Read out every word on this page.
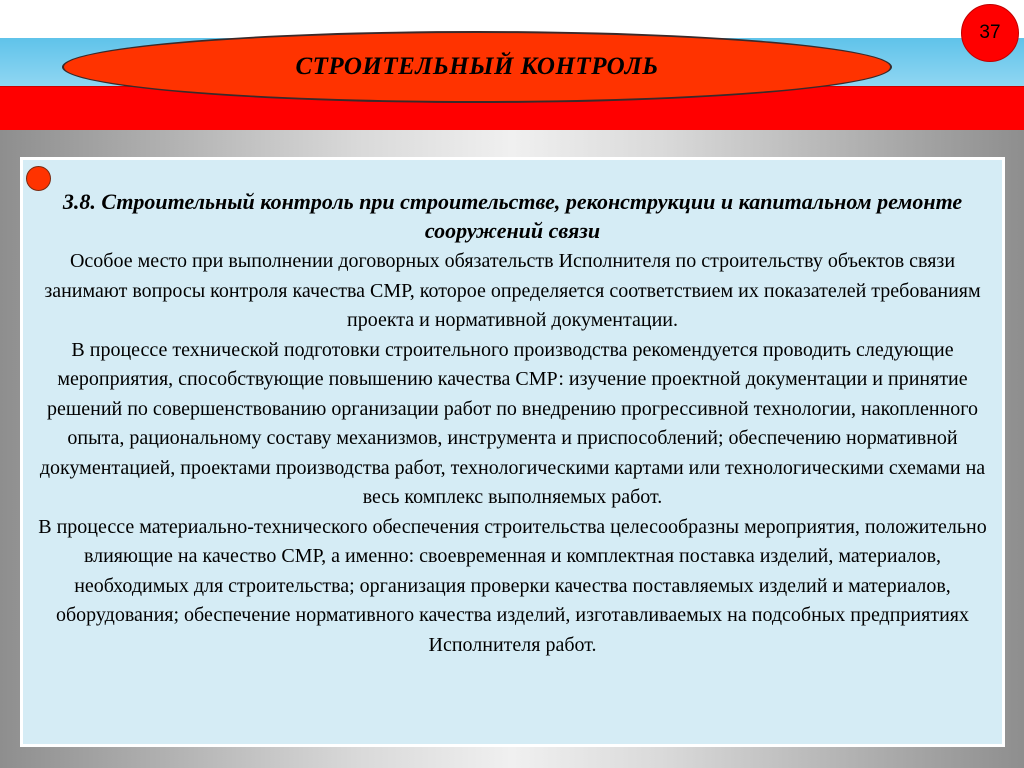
СТРОИТЕЛЬНЫЙ КОНТРОЛЬ
37

3.8. Строительный контроль при строительстве, реконструкции и капитальном ремонте сооружений связи

Особое место при выполнении договорных обязательств Исполнителя по строительству объектов связи занимают вопросы контроля качества СМР, которое определяется соответствием их показателей требованиям проекта и нормативной документации.

В процессе технической подготовки строительного производства рекомендуется проводить следующие мероприятия, способствующие повышению качества СМР: изучение проектной документации и принятие решений по совершенствованию организации работ по внедрению прогрессивной технологии, накопленного опыта, рациональному составу механизмов, инструмента и приспособлений; обеспечению нормативной документацией, проектами производства работ, технологическими картами или технологическими схемами на весь комплекс выполняемых работ.

В процессе материально-технического обеспечения строительства целесообразны мероприятия, положительно влияющие на качество СМР, а именно: своевременная и комплектная поставка изделий, материалов, необходимых для строительства; организация проверки качества поставляемых изделий и материалов, оборудования; обеспечение нормативного качества изделий, изготавливаемых на подсобных предприятиях Исполнителя работ.
